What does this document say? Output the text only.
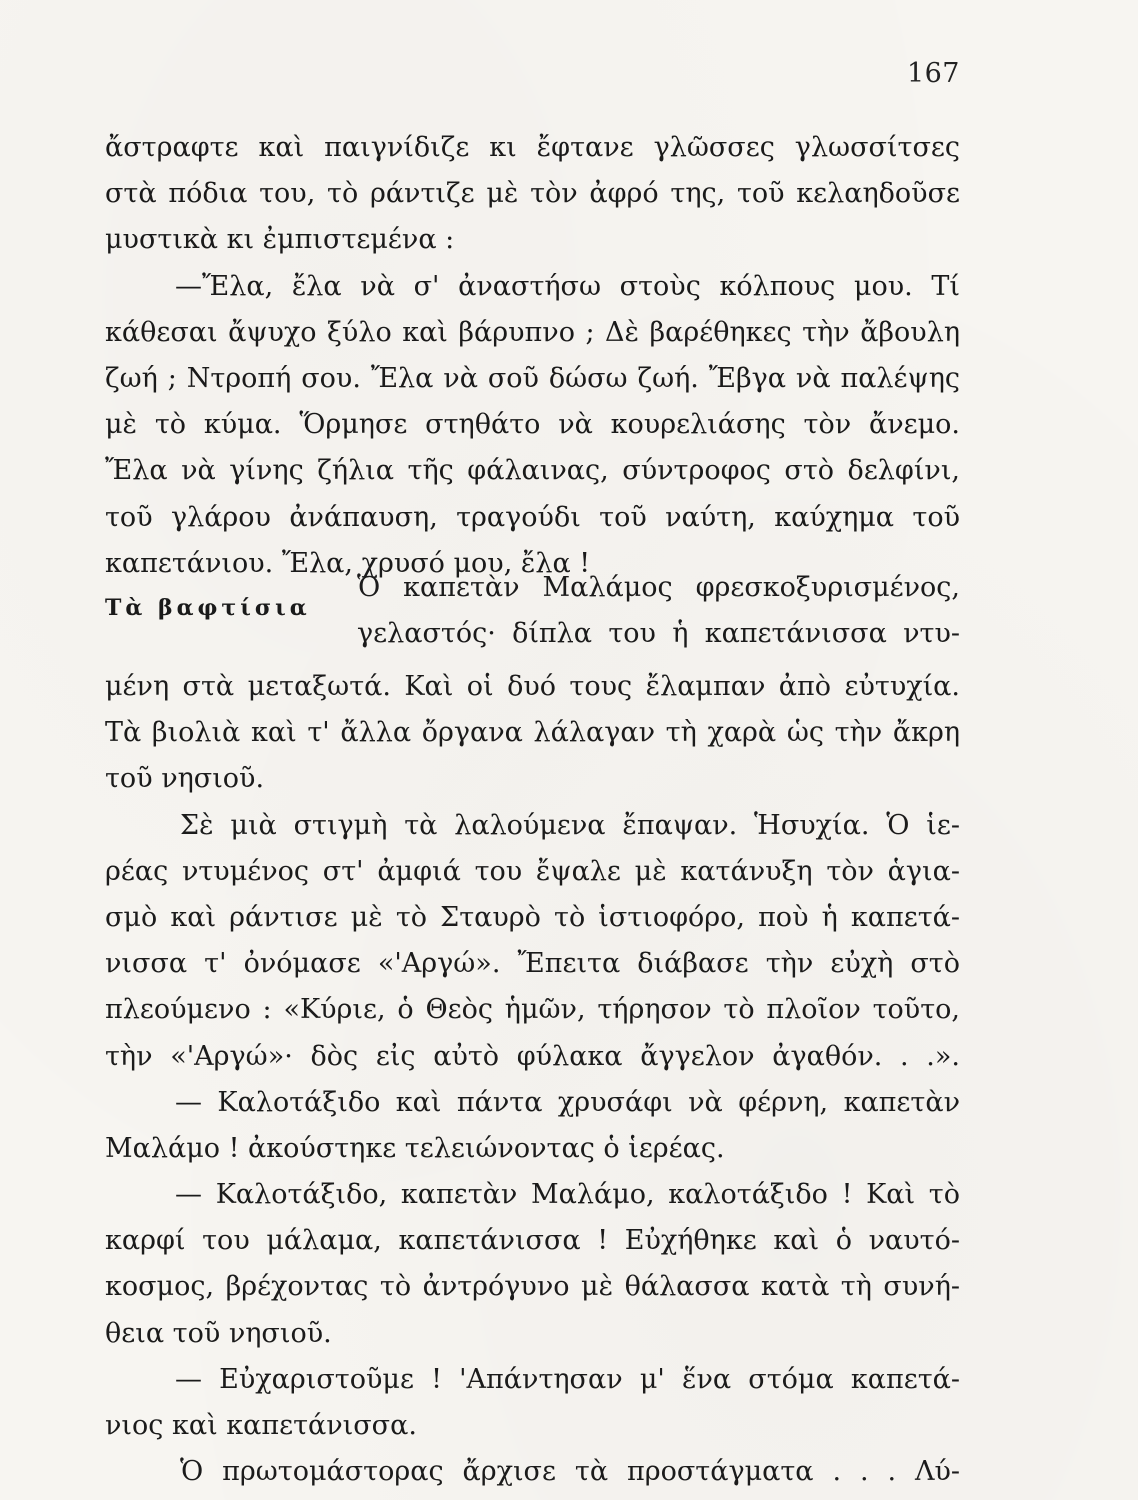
167
ἄστραφτε καὶ παιγνίδιζε κι ἔφτανε γλῶσσες γλωσσίτσες
στὰ πόδια του, τὸ ράντιζε μὲ τὸν ἀφρό της, τοῦ κελαηδοῦσε
μυστικὰ κι ἐμπιστεμένα :
—Ἔλα, ἔλα νὰ σ' ἀναστήσω στοὺς κόλπους μου. Τί
κάθεσαι ἄψυχο ξύλο καὶ βάρυπνο ; Δὲ βαρέθηκες τὴν ἄβουλη
ζωή ; Ντροπή σου. Ἔλα νὰ σοῦ δώσω ζωή. Ἔβγα νὰ παλέψης
μὲ τὸ κύμα. Ὅρμησε στηθάτο νὰ κουρελιάσης τὸν ἄνεμο.
Ἔλα νὰ γίνης ζήλια τῆς φάλαινας, σύντροφος στὸ δελφίνι,
τοῦ γλάρου ἀνάπαυση, τραγούδι τοῦ ναύτη, καύχημα τοῦ
καπετάνιου. Ἔλα, χρυσό μου, ἔλα !
Τὰ βαφτίσια
Ὁ καπετὰν Μαλάμος φρεσκοξυρισμένος,
γελαστός· δίπλα του ἡ καπετάνισσα ντυ-
μένη στὰ μεταξωτά. Καὶ οἱ δυό τους ἔλαμπαν ἀπὸ εὐτυχία.
Τὰ βιολιὰ καὶ τ' ἄλλα ὄργανα λάλαγαν τὴ χαρὰ ὡς τὴν ἄκρη
τοῦ νησιοῦ.
Σὲ μιὰ στιγμὴ τὰ λαλούμενα ἔπαψαν. Ἡσυχία. Ὁ ἱε-
ρέας ντυμένος στ' ἀμφιά του ἔψαλε μὲ κατάνυξη τὸν ἁγια-
σμὸ καὶ ράντισε μὲ τὸ Σταυρὸ τὸ ἱστιοφόρο, ποὺ ἡ καπετά-
νισσα τ' ὀνόμασε «'Αργώ». Ἔπειτα διάβασε τὴν εὐχὴ στὸ
πλεούμενο : «Κύριε, ὁ Θεὸς ἡμῶν, τήρησον τὸ πλοῖον τοῦτο,
τὴν «'Αργώ»· δὸς εἰς αὐτὸ φύλακα ἄγγελον ἀγαθόν. . .».
— Καλοτάξιδο καὶ πάντα χρυσάφι νὰ φέρνη, καπετὰν
Μαλάμο ! ἀκούστηκε τελειώνοντας ὁ ἱερέας.
— Καλοτάξιδο, καπετὰν Μαλάμο, καλοτάξιδο ! Καὶ τὸ
καρφί του μάλαμα, καπετάνισσα ! Εὐχήθηκε καὶ ὁ ναυτό-
κοσμος, βρέχοντας τὸ ἀντρόγυνο μὲ θάλασσα κατὰ τὴ συνή-
θεια τοῦ νησιοῦ.
— Εὐχαριστοῦμε ! 'Απάντησαν μ' ἕνα στόμα καπετά-
νιος καὶ καπετάνισσα.
Ὁ πρωτομάστορας ἄρχισε τὰ προστάγματα . . . Λύ-
